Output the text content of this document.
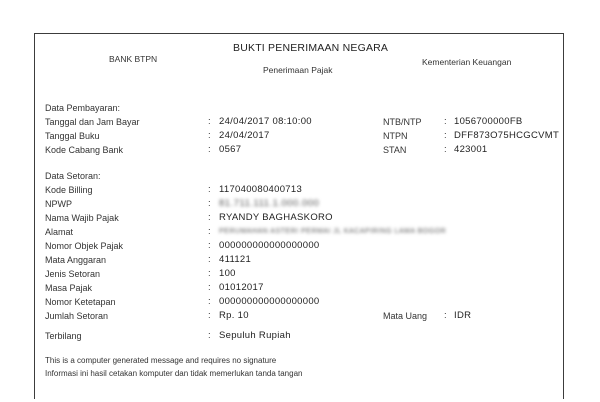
BUKTI PENERIMAAN NEGARA
Penerimaan Pajak
BANK BTPN	Kementerian Keuangan
Data Pembayaran:
Tanggal dan Jam Bayar	: 24/04/2017 08:10:00
Tanggal Buku	: 24/04/2017
Kode Cabang Bank	: 0567
NTB/NTP : 1056700000FB
NTPN	: DFF873O75HCGCVMT
STAN	: 423001
Data Setoran:
Kode Billing	: 117040080400713
NPWP	: 81.711.111.1.000.000
Nama Wajib Pajak	: RYANDY BAGHASKORO
Alamat	: PERUMAHAN ASTERI PERMAI JL KACAPIRING LAMA BOGOR
Nomor Objek Pajak	: 000000000000000000
Mata Anggaran	: 411121
Jenis Setoran	: 100
Masa Pajak	: 01012017
Nomor Ketetapan	: 000000000000000000
Jumlah Setoran	: Rp. 10	Mata Uang : IDR
Terbilang	: Sepuluh Rupiah
This is a computer generated message and requires no signature
Informasi ini hasil cetakan komputer dan tidak memerlukan tanda tangan
